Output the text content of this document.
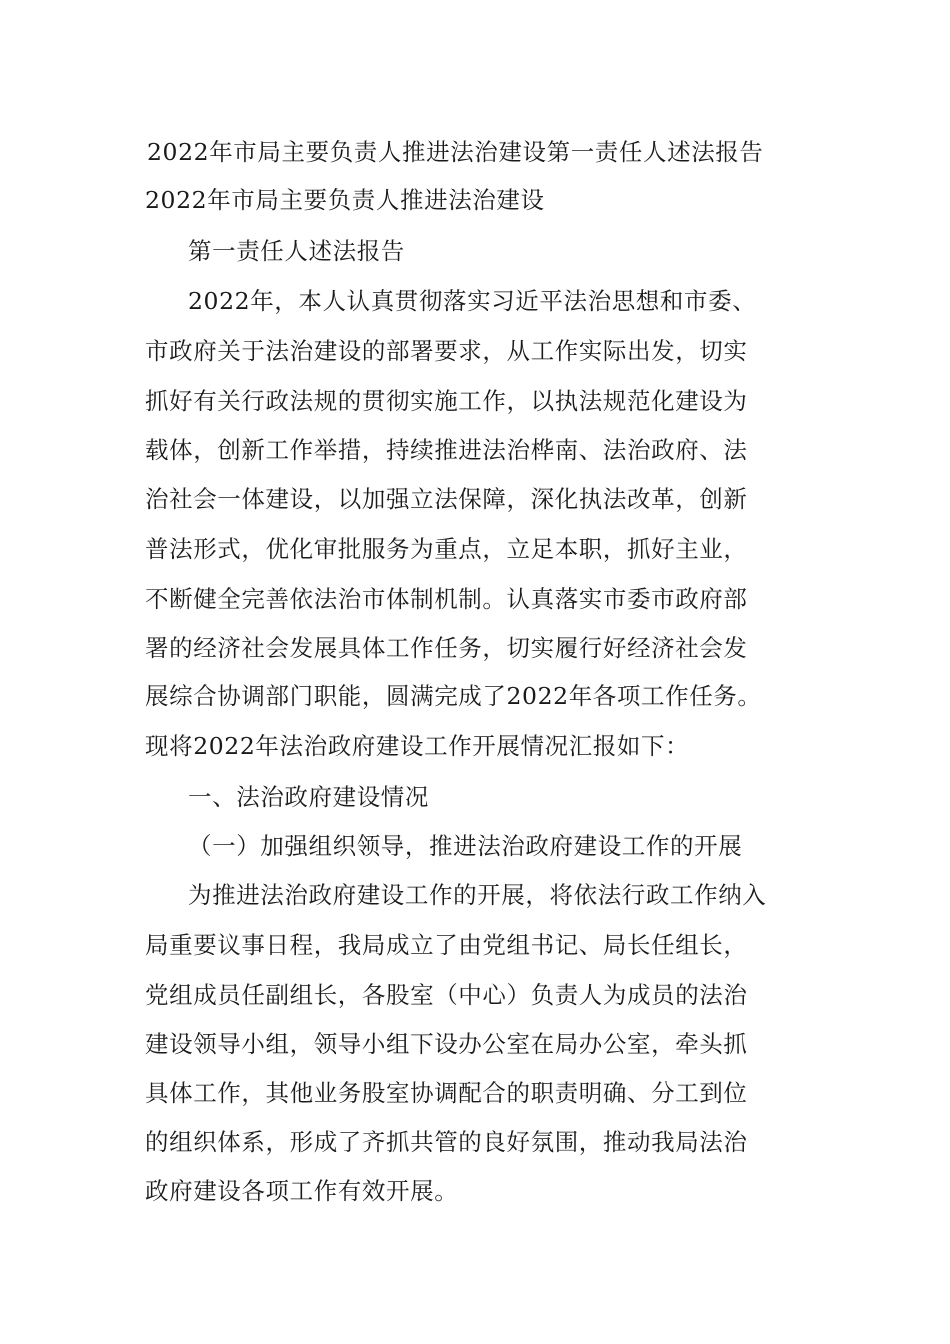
2022年市局主要负责人推进法治建设第一责任人述法报告
2022年市局主要负责人推进法治建设
第一责任人述法报告
2022年，本人认真贯彻落实习近平法治思想和市委、
市政府关于法治建设的部署要求，从工作实际出发，切实
抓好有关行政法规的贯彻实施工作，以执法规范化建设为
载体，创新工作举措，持续推进法治桦南、法治政府、法
治社会一体建设，以加强立法保障，深化执法改革，创新
普法形式，优化审批服务为重点，立足本职，抓好主业，
不断健全完善依法治市体制机制。认真落实市委市政府部
署的经济社会发展具体工作任务，切实履行好经济社会发
展综合协调部门职能，圆满完成了2022年各项工作任务。
现将2022年法治政府建设工作开展情况汇报如下：
一、法治政府建设情况
（一）加强组织领导，推进法治政府建设工作的开展
为推进法治政府建设工作的开展，将依法行政工作纳入
局重要议事日程，我局成立了由党组书记、局长任组长，
党组成员任副组长，各股室（中心）负责人为成员的法治
建设领导小组，领导小组下设办公室在局办公室，牵头抓
具体工作，其他业务股室协调配合的职责明确、分工到位
的组织体系，形成了齐抓共管的良好氛围，推动我局法治
政府建设各项工作有效开展。
